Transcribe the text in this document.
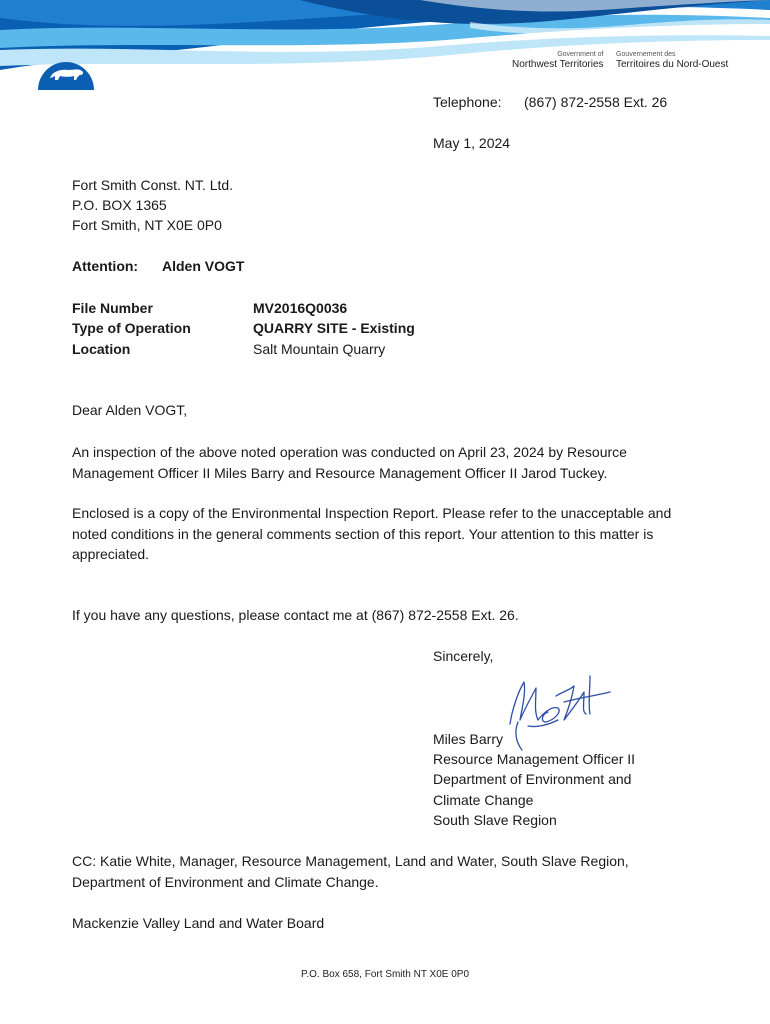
Government of
Northwest Territories
Gouvernement des
Territoires du Nord-Ouest
Telephone: (867) 872-2558 Ext. 26
May 1, 2024
Fort Smith Const. NT. Ltd.
P.O. BOX 1365
Fort Smith, NT X0E 0P0
Attention: Alden VOGT
File Number	MV2016Q0036
Type of Operation	QUARRY SITE - Existing
Location	Salt Mountain Quarry
Dear Alden VOGT,
An inspection of the above noted operation was conducted on April 23, 2024 by Resource Management Officer II Miles Barry and Resource Management Officer II Jarod Tuckey.
Enclosed is a copy of the Environmental Inspection Report. Please refer to the unacceptable and noted conditions in the general comments section of this report. Your attention to this matter is appreciated.
If you have any questions, please contact me at (867) 872-2558 Ext. 26.
Sincerely,
Miles Barry
Resource Management Officer II
Department of Environment and
Climate Change
South Slave Region
CC: Katie White, Manager, Resource Management, Land and Water, South Slave Region,
Department of Environment and Climate Change.
Mackenzie Valley Land and Water Board
P.O. Box 658, Fort Smith NT X0E 0P0
